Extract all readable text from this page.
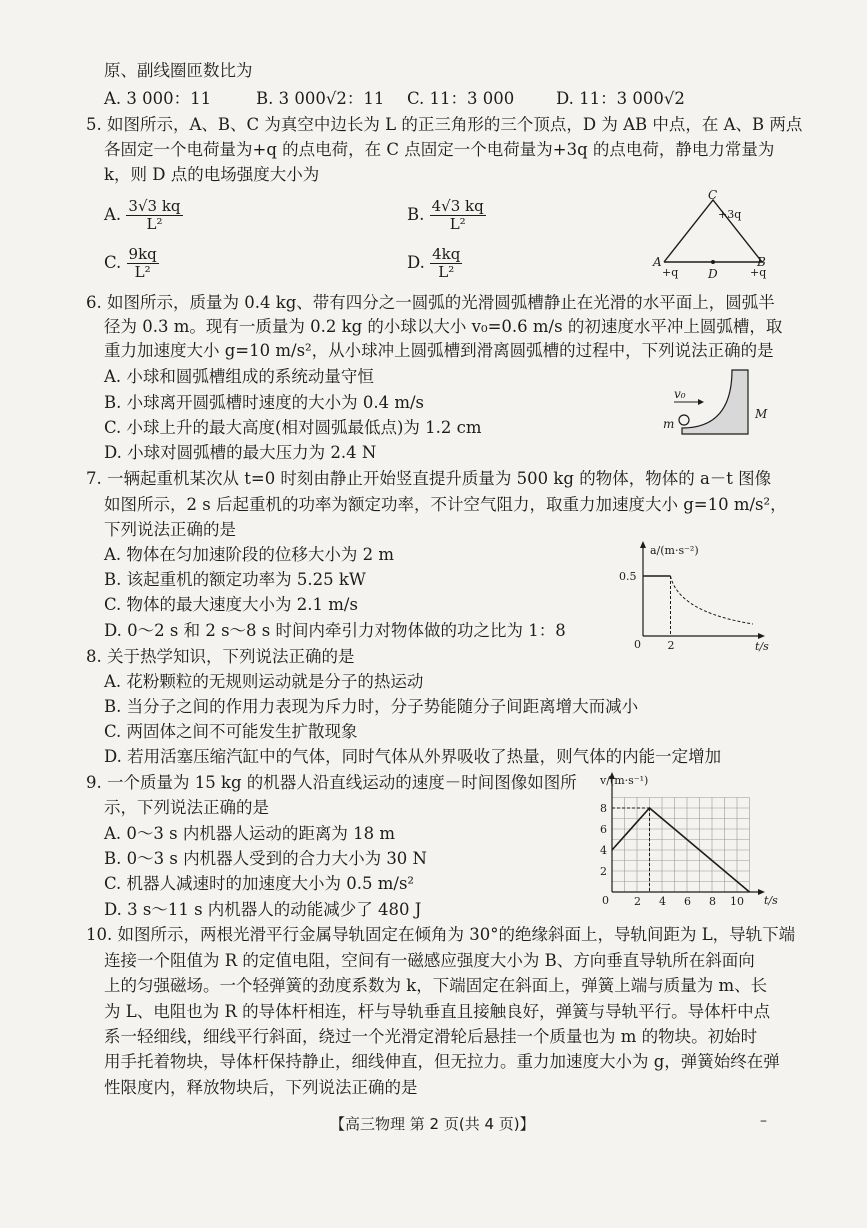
原、副线圈匝数比为
A. 3 000：11	B. 3 000√2：11 C. 11：3 000	D. 11：3 000√2
5. 如图所示，A、B、C 为真空中边长为 L 的正三角形的三个顶点，D 为 AB 中点，在 A、B 两点
各固定一个电荷量为+q 的点电荷，在 C 点固定一个电荷量为+3q 的点电荷，静电力常量为
k，则 D 点的电场强度大小为
A. $\frac{3√3 kq}{\text{L²}}$	B. $\frac{4√3 kq}{\text{L²}}$
C. $\frac{9kq}{\text{L²}}$	D. $\frac{4kq}{\text{L²}}$
C
+3q
A
+q
B
+q
D
6. 如图所示，质量为 0.4 kg、带有四分之一圆弧的光滑圆弧槽静止在光滑的水平面上，圆弧半
径为 0.3 m。现有一质量为 0.2 kg 的小球以大小 v₀=0.6 m/s 的初速度水平冲上圆弧槽，取
重力加速度大小 g=10 m/s²，从小球冲上圆弧槽到滑离圆弧槽的过程中，下列说法正确的是
A. 小球和圆弧槽组成的系统动量守恒
B. 小球离开圆弧槽时速度的大小为 0.4 m/s
C. 小球上升的最大高度(相对圆弧最低点)为 1.2 cm
D. 小球对圆弧槽的最大压力为 2.4 N
v₀
m
M
7. 一辆起重机某次从 t=0 时刻由静止开始竖直提升质量为 500 kg 的物体，物体的 a－t 图像
如图所示，2 s 后起重机的功率为额定功率，不计空气阻力，取重力加速度大小 g=10 m/s²，
下列说法正确的是
A. 物体在匀加速阶段的位移大小为 2 m
B. 该起重机的额定功率为 5.25 kW
C. 物体的最大速度大小为 2.1 m/s
D. 0～2 s 和 2 s～8 s 时间内牵引力对物体做的功之比为 1：8
a/(m·s⁻²)
t/s
0
0.5
2
8. 关于热学知识，下列说法正确的是
A. 花粉颗粒的无规则运动就是分子的热运动
B. 当分子之间的作用力表现为斥力时，分子势能随分子间距离增大而减小
C. 两固体之间不可能发生扩散现象
D. 若用活塞压缩汽缸中的气体，同时气体从外界吸收了热量，则气体的内能一定增加
9. 一个质量为 15 kg 的机器人沿直线运动的速度－时间图像如图所
示，下列说法正确的是
A. 0～3 s 内机器人运动的距离为 18 m
B. 0～3 s 内机器人受到的合力大小为 30 N
C. 机器人减速时的加速度大小为 0.5 m/s²
D. 3 s～11 s 内机器人的动能减少了 480 J
v/(m·s⁻¹)
t/s
0
2
4
6
8
2 4 6 8 10
10. 如图所示，两根光滑平行金属导轨固定在倾角为 30°的绝缘斜面上，导轨间距为 L，导轨下端
连接一个阻值为 R 的定值电阻，空间有一磁感应强度大小为 B、方向垂直导轨所在斜面向
上的匀强磁场。一个轻弹簧的劲度系数为 k，下端固定在斜面上，弹簧上端与质量为 m、长
为 L、电阻也为 R 的导体杆相连，杆与导轨垂直且接触良好，弹簧与导轨平行。导体杆中点
系一轻细线，细线平行斜面，绕过一个光滑定滑轮后悬挂一个质量也为 m 的物块。初始时
用手托着物块，导体杆保持静止，细线伸直，但无拉力。重力加速度大小为 g，弹簧始终在弹
性限度内，释放物块后，下列说法正确的是
【高三物理 第 2 页(共 4 页)】	–
